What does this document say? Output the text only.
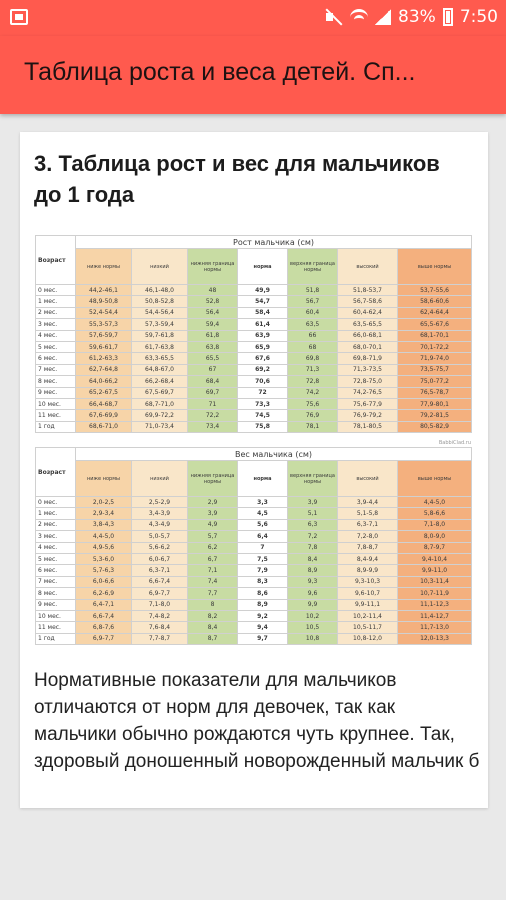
83% 7:50
Таблица роста и веса детей. Сп...
3. Таблица рост и вес для мальчиков до 1 года
Возраст	Рост мальчика (см)						
	ниже нормы	низкий	нижняя граница нормы	норма	верхняя граница нормы	высокий	выше нормы
0 мес.	44,2-46,1	46,1-48,0	48	49,9	51,8	51,8-53,7	53,7-55,6
1 мес.	48,9-50,8	50,8-52,8	52,8	54,7	56,7	56,7-58,6	58,6-60,6
2 мес.	52,4-54,4	54,4-56,4	56,4	58,4	60,4	60,4-62,4	62,4-64,4
3 мес.	55,3-57,3	57,3-59,4	59,4	61,4	63,5	63,5-65,5	65,5-67,6
4 мес.	57,6-59,7	59,7-61,8	61,8	63,9	66	66,0-68,1	68,1-70,1
5 мес.	59,6-61,7	61,7-63,8	63,8	65,9	68	68,0-70,1	70,1-72,2
6 мес.	61,2-63,3	63,3-65,5	65,5	67,6	69,8	69,8-71,9	71,9-74,0
7 мес.	62,7-64,8	64,8-67,0	67	69,2	71,3	71,3-73,5	73,5-75,7
8 мес.	64,0-66,2	66,2-68,4	68,4	70,6	72,8	72,8-75,0	75,0-77,2
9 мес.	65,2-67,5	67,5-69,7	69,7	72	74,2	74,2-76,5	76,5-78,7
10 мес.	66,4-68,7	68,7-71,0	71	73,3	75,6	75,6-77,9	77,9-80,1
11 мес.	67,6-69,9	69,9-72,2	72,2	74,5	76,9	76,9-79,2	79,2-81,5
1 год	68,6-71,0	71,0-73,4	73,4	75,8	78,1	78,1-80,5	80,5-82,9
BabbiClad.ru
Возраст	Вес мальчика (см)						
	ниже нормы	низкий	нижняя граница нормы	норма	верхняя граница нормы	высокий	выше нормы
0 мес.	2,0-2,5	2,5-2,9	2,9	3,3	3,9	3,9-4,4	4,4-5,0
1 мес.	2,9-3,4	3,4-3,9	3,9	4,5	5,1	5,1-5,8	5,8-6,6
2 мес.	3,8-4,3	4,3-4,9	4,9	5,6	6,3	6,3-7,1	7,1-8,0
3 мес.	4,4-5,0	5,0-5,7	5,7	6,4	7,2	7,2-8,0	8,0-9,0
4 мес.	4,9-5,6	5,6-6,2	6,2	7	7,8	7,8-8,7	8,7-9,7
5 мес.	5,3-6,0	6,0-6,7	6,7	7,5	8,4	8,4-9,4	9,4-10,4
6 мес.	5,7-6,3	6,3-7,1	7,1	7,9	8,9	8,9-9,9	9,9-11,0
7 мес.	6,0-6,6	6,6-7,4	7,4	8,3	9,3	9,3-10,3	10,3-11,4
8 мес.	6,2-6,9	6,9-7,7	7,7	8,6	9,6	9,6-10,7	10,7-11,9
9 мес.	6,4-7,1	7,1-8,0	8	8,9	9,9	9,9-11,1	11,1-12,3
10 мес.	6,6-7,4	7,4-8,2	8,2	9,2	10,2	10,2-11,4	11,4-12,7
11 мес.	6,8-7,6	7,6-8,4	8,4	9,4	10,5	10,5-11,7	11,7-13,0
1 год	6,9-7,7	7,7-8,7	8,7	9,7	10,8	10,8-12,0	12,0-13,3
Нормативные показатели для мальчиков отличаются от норм для девочек, так как мальчики обычно рождаются чуть крупнее. Так, здоровый доношенный новорожденный мальчик б
